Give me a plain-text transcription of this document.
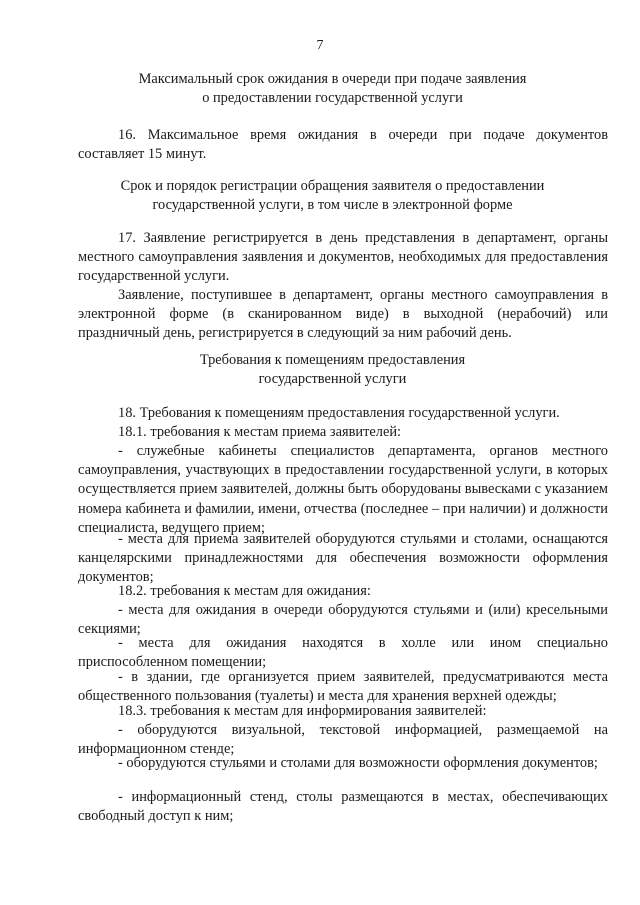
7
Максимальный срок ожидания в очереди при подаче заявления
о предоставлении государственной услуги
16. Максимальное время ожидания в очереди при подаче документов составляет 15 минут.
Срок и порядок регистрации обращения заявителя о предоставлении
государственной услуги, в том числе в электронной форме
17. Заявление регистрируется в день представления в департамент, органы местного самоуправления заявления и документов, необходимых для предоставления государственной услуги.
Заявление, поступившее в департамент, органы местного самоуправления в электронной форме (в сканированном виде) в выходной (нерабочий) или праздничный день, регистрируется в следующий за ним рабочий день.
Требования к помещениям предоставления
государственной услуги
18. Требования к помещениям предоставления государственной услуги.
18.1. требования к местам приема заявителей:
- служебные кабинеты специалистов департамента, органов местного самоуправления, участвующих в предоставлении государственной услуги, в которых осуществляется прием заявителей, должны быть оборудованы вывесками с указанием номера кабинета и фамилии, имени, отчества (последнее – при наличии) и должности специалиста, ведущего прием;
- места для приема заявителей оборудуются стульями и столами, оснащаются канцелярскими принадлежностями для обеспечения возможности оформления документов;
18.2. требования к местам для ожидания:
- места для ожидания в очереди оборудуются стульями и (или) кресельными секциями;
- места для ожидания находятся в холле или ином специально приспособленном помещении;
- в здании, где организуется прием заявителей, предусматриваются места общественного пользования (туалеты) и места для хранения верхней одежды;
18.3. требования к местам для информирования заявителей:
- оборудуются визуальной, текстовой информацией, размещаемой на информационном стенде;
- оборудуются стульями и столами для возможности оформления документов;
- информационный стенд, столы размещаются в местах, обеспечивающих свободный доступ к ним;
